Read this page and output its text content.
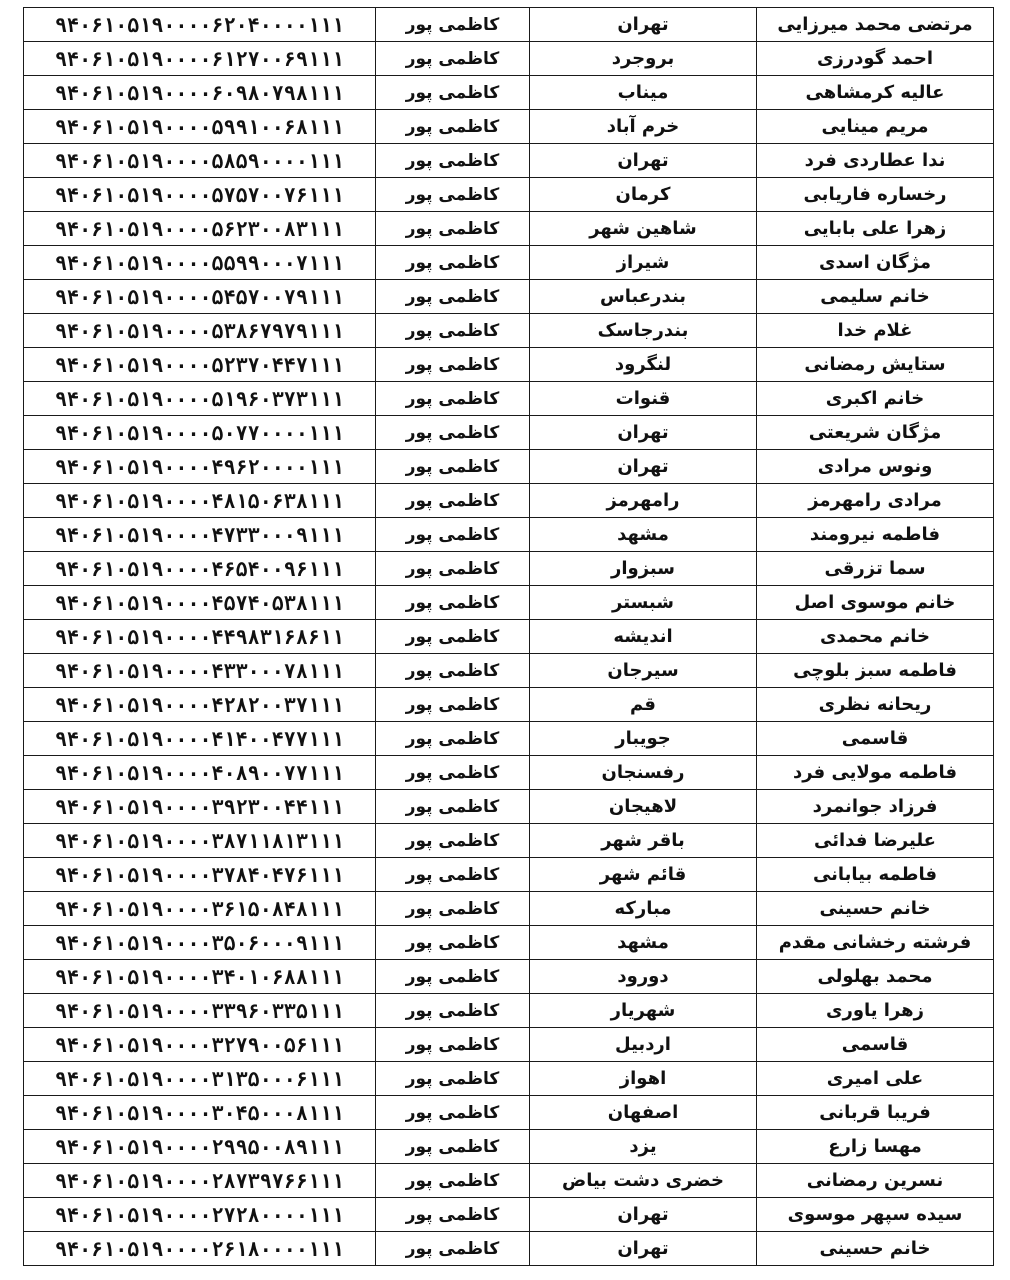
مرتضی محمد میرزایی	تهران	کاظمی پور	۹۴۰۶۱۰۵۱۹۰۰۰۰۶۲۰۴۰۰۰۰۱۱۱
احمد گودرزی	بروجرد	کاظمی پور	۹۴۰۶۱۰۵۱۹۰۰۰۰۶۱۲۷۰۰۶۹۱۱۱
عالیه کرمشاهی	میناب	کاظمی پور	۹۴۰۶۱۰۵۱۹۰۰۰۰۶۰۹۸۰۷۹۸۱۱۱
مریم مینایی	خرم آباد	کاظمی پور	۹۴۰۶۱۰۵۱۹۰۰۰۰۵۹۹۱۰۰۶۸۱۱۱
ندا عطاردی فرد	تهران	کاظمی پور	۹۴۰۶۱۰۵۱۹۰۰۰۰۵۸۵۹۰۰۰۰۱۱۱
رخساره فاریابی	کرمان	کاظمی پور	۹۴۰۶۱۰۵۱۹۰۰۰۰۵۷۵۷۰۰۷۶۱۱۱
زهرا علی بابایی	شاهین شهر	کاظمی پور	۹۴۰۶۱۰۵۱۹۰۰۰۰۵۶۲۳۰۰۸۳۱۱۱
مژگان اسدی	شیراز	کاظمی پور	۹۴۰۶۱۰۵۱۹۰۰۰۰۵۵۹۹۰۰۰۷۱۱۱
خانم سلیمی	بندرعباس	کاظمی پور	۹۴۰۶۱۰۵۱۹۰۰۰۰۵۴۵۷۰۰۷۹۱۱۱
غلام خدا	بندرجاسک	کاظمی پور	۹۴۰۶۱۰۵۱۹۰۰۰۰۵۳۸۶۷۹۷۹۱۱۱
ستایش رمضانی	لنگرود	کاظمی پور	۹۴۰۶۱۰۵۱۹۰۰۰۰۵۲۳۷۰۴۴۷۱۱۱
خانم اکبری	قنوات	کاظمی پور	۹۴۰۶۱۰۵۱۹۰۰۰۰۵۱۹۶۰۳۷۳۱۱۱
مژگان شریعتی	تهران	کاظمی پور	۹۴۰۶۱۰۵۱۹۰۰۰۰۵۰۷۷۰۰۰۰۱۱۱
ونوس مرادی	تهران	کاظمی پور	۹۴۰۶۱۰۵۱۹۰۰۰۰۴۹۶۲۰۰۰۰۱۱۱
مرادی رامهرمز	رامهرمز	کاظمی پور	۹۴۰۶۱۰۵۱۹۰۰۰۰۴۸۱۵۰۶۳۸۱۱۱
فاطمه نیرومند	مشهد	کاظمی پور	۹۴۰۶۱۰۵۱۹۰۰۰۰۴۷۳۳۰۰۰۹۱۱۱
سما تزرقی	سبزوار	کاظمی پور	۹۴۰۶۱۰۵۱۹۰۰۰۰۴۶۵۴۰۰۹۶۱۱۱
خانم موسوی اصل	شبستر	کاظمی پور	۹۴۰۶۱۰۵۱۹۰۰۰۰۴۵۷۴۰۵۳۸۱۱۱
خانم محمدی	اندیشه	کاظمی پور	۹۴۰۶۱۰۵۱۹۰۰۰۰۴۴۹۸۳۱۶۸۶۱۱
فاطمه سبز بلوچی	سیرجان	کاظمی پور	۹۴۰۶۱۰۵۱۹۰۰۰۰۴۳۳۰۰۰۷۸۱۱۱
ریحانه نظری	قم	کاظمی پور	۹۴۰۶۱۰۵۱۹۰۰۰۰۴۲۸۲۰۰۳۷۱۱۱
قاسمی	جویبار	کاظمی پور	۹۴۰۶۱۰۵۱۹۰۰۰۰۴۱۴۰۰۴۷۷۱۱۱
فاطمه مولایی فرد	رفسنجان	کاظمی پور	۹۴۰۶۱۰۵۱۹۰۰۰۰۴۰۸۹۰۰۷۷۱۱۱
فرزاد جوانمرد	لاهیجان	کاظمی پور	۹۴۰۶۱۰۵۱۹۰۰۰۰۳۹۲۳۰۰۴۴۱۱۱
علیرضا فدائی	باقر شهر	کاظمی پور	۹۴۰۶۱۰۵۱۹۰۰۰۰۳۸۷۱۱۸۱۳۱۱۱
فاطمه بیابانی	قائم شهر	کاظمی پور	۹۴۰۶۱۰۵۱۹۰۰۰۰۳۷۸۴۰۴۷۶۱۱۱
خانم حسینی	مبارکه	کاظمی پور	۹۴۰۶۱۰۵۱۹۰۰۰۰۳۶۱۵۰۸۴۸۱۱۱
فرشته رخشانی مقدم	مشهد	کاظمی پور	۹۴۰۶۱۰۵۱۹۰۰۰۰۳۵۰۶۰۰۰۹۱۱۱
محمد بهلولی	دورود	کاظمی پور	۹۴۰۶۱۰۵۱۹۰۰۰۰۳۴۰۱۰۶۸۸۱۱۱
زهرا یاوری	شهریار	کاظمی پور	۹۴۰۶۱۰۵۱۹۰۰۰۰۳۳۹۶۰۳۳۵۱۱۱
قاسمی	اردبیل	کاظمی پور	۹۴۰۶۱۰۵۱۹۰۰۰۰۳۲۷۹۰۰۵۶۱۱۱
علی امیری	اهواز	کاظمی پور	۹۴۰۶۱۰۵۱۹۰۰۰۰۳۱۳۵۰۰۰۶۱۱۱
فریبا قربانی	اصفهان	کاظمی پور	۹۴۰۶۱۰۵۱۹۰۰۰۰۳۰۴۵۰۰۰۸۱۱۱
مهسا زارع	یزد	کاظمی پور	۹۴۰۶۱۰۵۱۹۰۰۰۰۲۹۹۵۰۰۸۹۱۱۱
نسرین رمضانی	خضری دشت بیاض	کاظمی پور	۹۴۰۶۱۰۵۱۹۰۰۰۰۲۸۷۳۹۷۶۶۱۱۱
سیده سپهر موسوی	تهران	کاظمی پور	۹۴۰۶۱۰۵۱۹۰۰۰۰۲۷۲۸۰۰۰۰۱۱۱
خانم حسینی	تهران	کاظمی پور	۹۴۰۶۱۰۵۱۹۰۰۰۰۲۶۱۸۰۰۰۰۱۱۱
